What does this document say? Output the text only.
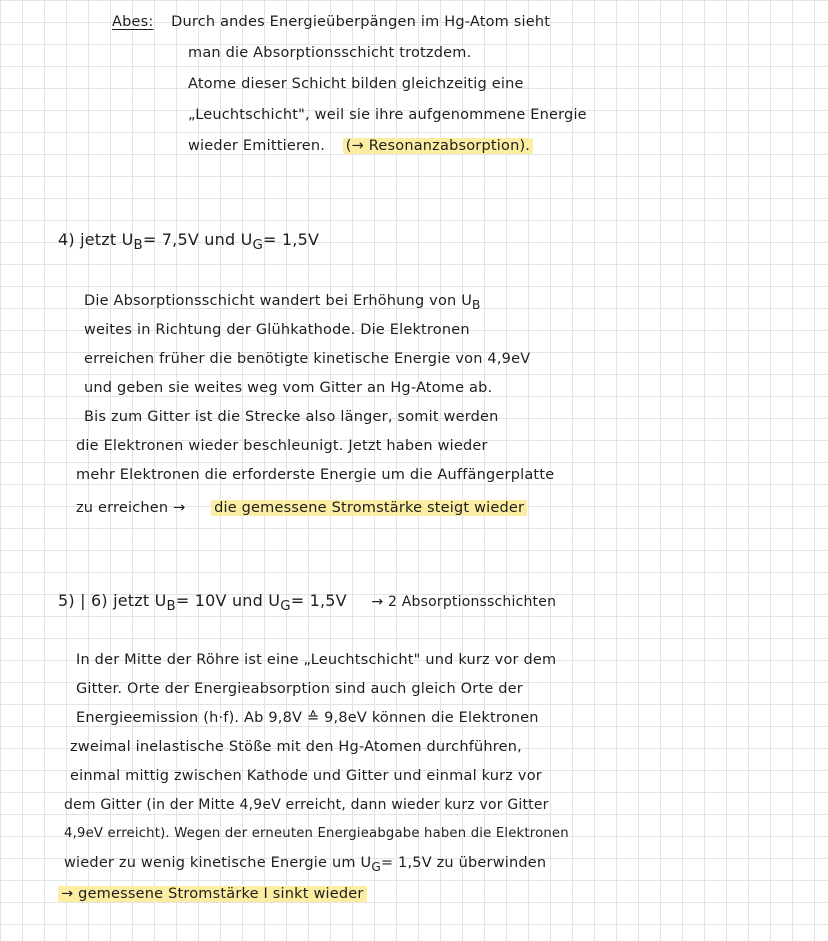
Abes: Durch andes Energieüberpängen im Hg-Atom sieht
man die Absorptionsschicht trotzdem.
Atome dieser Schicht bilden gleichzeitig eine
„Leuchtschicht", weil sie ihre aufgenommene Energie
wieder Emittieren. (→ Resonanzabsorption).
4) jetzt $U_B= 7,5V$ und $U_G= 1,5V$
Die Absorptionsschicht wandert bei Erhöhung von $U_B$
weites in Richtung der Glühkathode. Die Elektronen
erreichen früher die benötigte kinetische Energie von 4,9eV
und geben sie weites weg vom Gitter an Hg-Atome ab.
Bis zum Gitter ist die Strecke also länger, somit werden
die Elektronen wieder beschleunigt. Jetzt haben wieder
mehr Elektronen die erforderste Energie um die Auffängerplatte
zu erreichen → die gemessene Stromstärke steigt wieder
5) | 6) jetzt $U_B= 10V$ und $U_G= 1,5V \to 2$ Absorptionsschichten
In der Mitte der Röhre ist eine „Leuchtschicht" und kurz vor dem
Gitter. Orte der Energieabsorption sind auch gleich Orte der
Energieemission (h·f). Ab 9,8V ≙ 9,8eV können die Elektronen
zweimal inelastische Stöße mit den Hg-Atomen durchführen,
einmal mittig zwischen Kathode und Gitter und einmal kurz vor
dem Gitter (in der Mitte 4,9eV erreicht, dann wieder kurz vor Gitter
4,9eV erreicht). Wegen der erneuten Energieabgabe haben die Elektronen
wieder zu wenig kinetische Energie um $U_G= 1,5V$ zu überwinden
→ gemessene Stromstärke I sinkt wieder
